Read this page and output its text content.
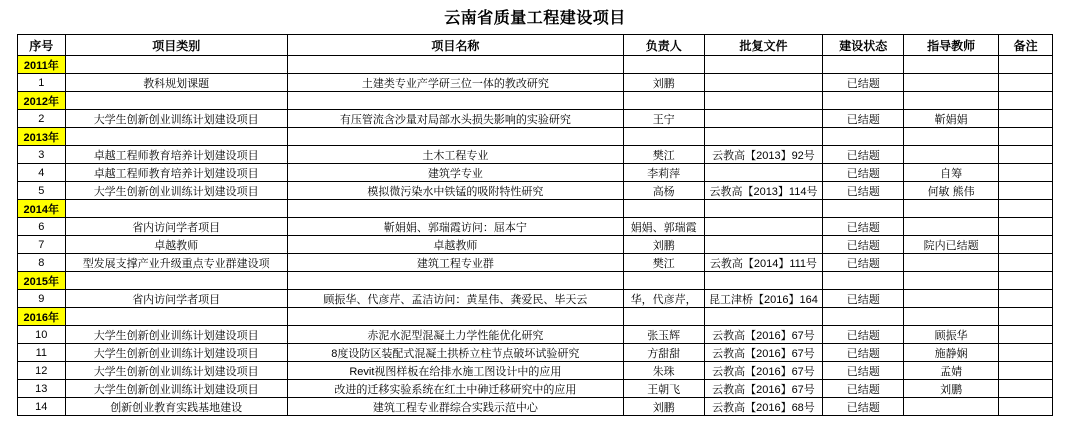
云南省质量工程建设项目
序号	项目类别	项目名称	负责人	批复文件	建设状态	指导教师	备注
2011年							
1	教科规划课题	土建类专业产学研三位一体的教改研究	刘鹏		已结题		
2012年							
2	大学生创新创业训练计划建设项目	有压管流含沙量对局部水头损失影响的实验研究	王宁		已结题	靳娟娟	
2013年							
3	卓越工程师教育培养计划建设项目	土木工程专业	樊江	云教高【2013】92号	已结题		
4	卓越工程师教育培养计划建设项目	建筑学专业	李莉萍		已结题	自筹	
5	大学生创新创业训练计划建设项目	模拟微污染水中铁锰的吸附特性研究	高杨	云教高【2013】114号	已结题	何敏 熊伟	
2014年							
6	省内访问学者项目	靳娟娟、郭瑞霞访问：屈本宁	娟娟、郭瑞霞		已结题		
7	卓越教师	卓越教师	刘鹏		已结题	院内已结题	
8	型发展支撑产业升级重点专业群建设项	建筑工程专业群	樊江	云教高【2014】111号	已结题		
2015年							
9	省内访问学者项目	顾振华、代彦芹、孟洁访问：黄星伟、龚爱民、毕天云	华，代彦芹，	昆工津桥【2016】164	已结题		
2016年							
10	大学生创新创业训练计划建设项目	赤泥水泥型混凝土力学性能优化研究	张玉辉	云教高【2016】67号	已结题	顾振华	
11	大学生创新创业训练计划建设项目	8度设防区装配式混凝土拱桥立柱节点破坏试验研究	方甜甜	云教高【2016】67号	已结题	施静娴	
12	大学生创新创业训练计划建设项目	Revit视图样板在给排水施工图设计中的应用	朱珠	云教高【2016】67号	已结题	孟婧	
13	大学生创新创业训练计划建设项目	改进的迁移实验系统在红土中砷迁移研究中的应用	王朝飞	云教高【2016】67号	已结题	刘鹏	
14	创新创业教育实践基地建设	建筑工程专业群综合实践示范中心	刘鹏	云教高【2016】68号	已结题		
